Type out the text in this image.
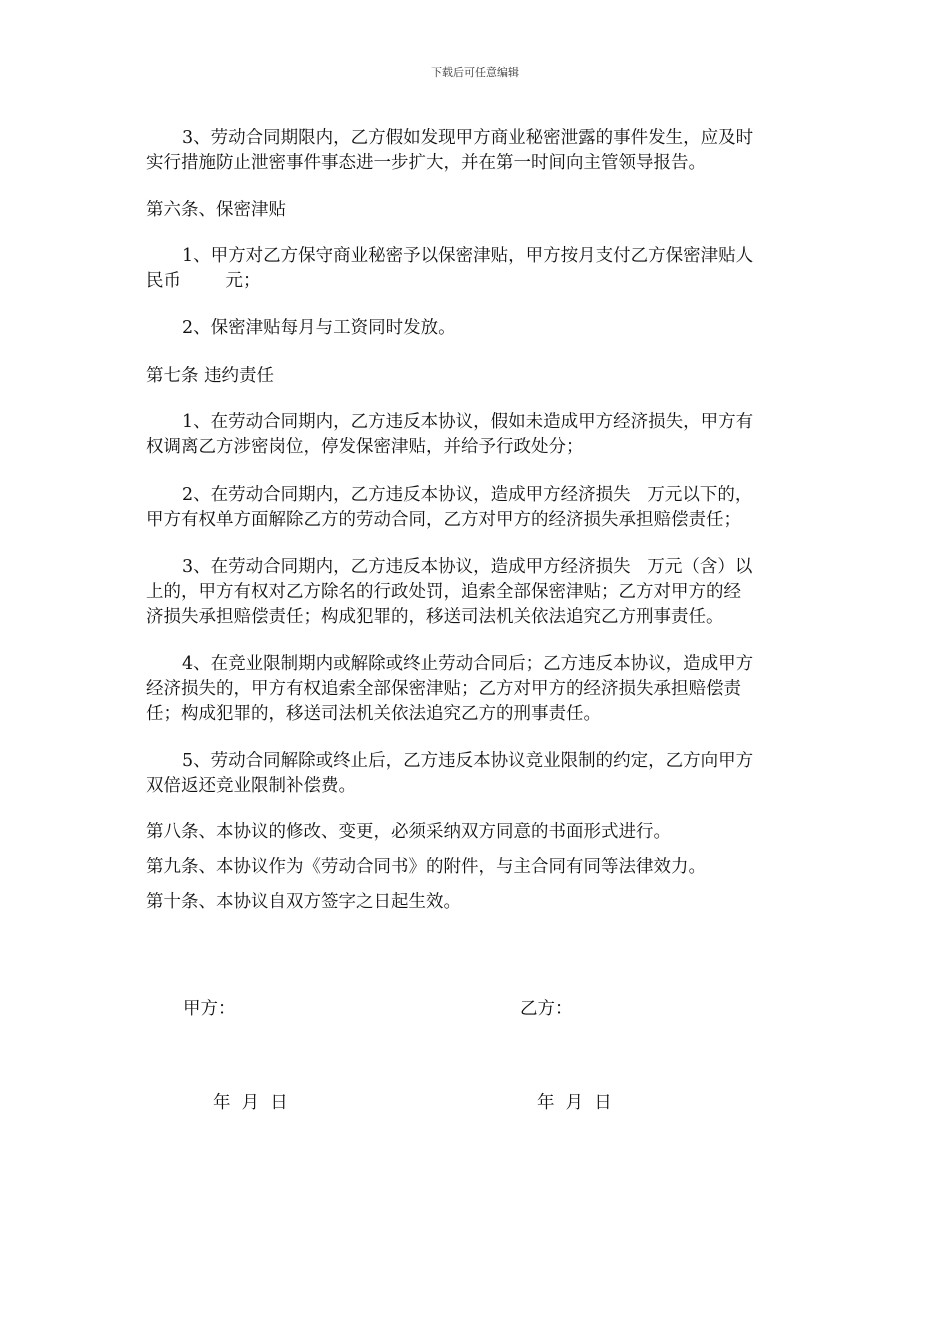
下载后可任意编辑
3、劳动合同期限内，乙方假如发现甲方商业秘密泄露的事件发生，应及时
实行措施防止泄密事件事态进一步扩大，并在第一时间向主管领导报告。
第六条、保密津贴
1、甲方对乙方保守商业秘密予以保密津贴，甲方按月支付乙方保密津贴人
民币        元；
2、保密津贴每月与工资同时发放。
第七条 违约责任
1、在劳动合同期内，乙方违反本协议，假如未造成甲方经济损失，甲方有
权调离乙方涉密岗位，停发保密津贴，并给予行政处分；
2、在劳动合同期内，乙方违反本协议，造成甲方经济损失   万元以下的，
甲方有权单方面解除乙方的劳动合同，乙方对甲方的经济损失承担赔偿责任；
3、在劳动合同期内，乙方违反本协议，造成甲方经济损失   万元（含）以
上的，甲方有权对乙方除名的行政处罚，追索全部保密津贴；乙方对甲方的经
济损失承担赔偿责任；构成犯罪的，移送司法机关依法追究乙方刑事责任。
4、在竞业限制期内或解除或终止劳动合同后；乙方违反本协议，造成甲方
经济损失的，甲方有权追索全部保密津贴；乙方对甲方的经济损失承担赔偿责
任；构成犯罪的，移送司法机关依法追究乙方的刑事责任。
5、劳动合同解除或终止后，乙方违反本协议竞业限制的约定，乙方向甲方
双倍返还竞业限制补偿费。
第八条、本协议的修改、变更，必须采纳双方同意的书面形式进行。
第九条、本协议作为《劳动合同书》的附件，与主合同有同等法律效力。
第十条、本协议自双方签字之日起生效。
甲方：	乙方：
年  月  日	年  月  日
